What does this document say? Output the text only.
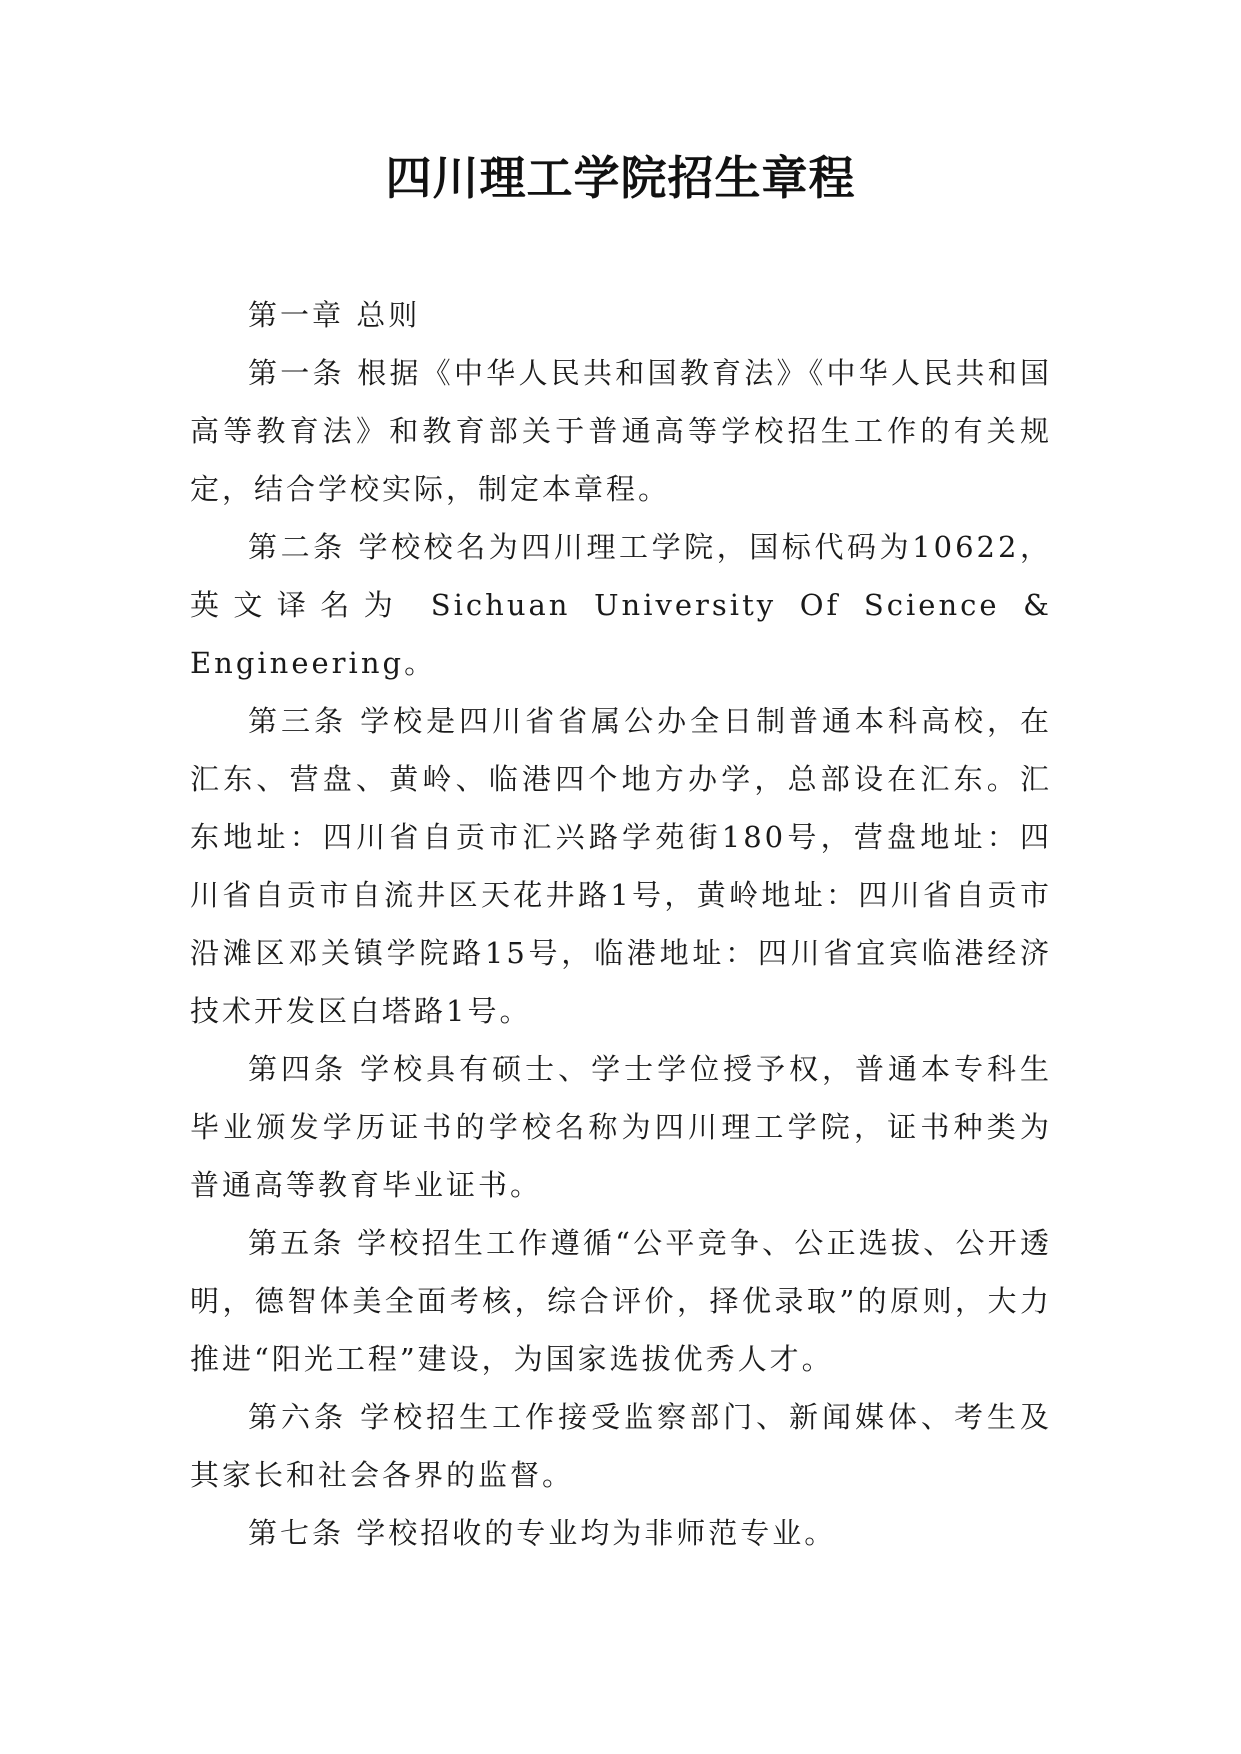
四川理工学院招生章程

第一章 总则

第一条 根据《中华人民共和国教育法》《中华人民共和国高等教育法》和教育部关于普通高等学校招生工作的有关规定，结合学校实际，制定本章程。

第二条 学校校名为四川理工学院，国标代码为10622，英文译名为 Sichuan University Of Science & Engineering。

第三条 学校是四川省省属公办全日制普通本科高校，在汇东、营盘、黄岭、临港四个地方办学，总部设在汇东。汇东地址：四川省自贡市汇兴路学苑街180号，营盘地址：四川省自贡市自流井区天花井路1号，黄岭地址：四川省自贡市沿滩区邓关镇学院路15号，临港地址：四川省宜宾临港经济技术开发区白塔路1号。

第四条 学校具有硕士、学士学位授予权，普通本专科生毕业颁发学历证书的学校名称为四川理工学院，证书种类为普通高等教育毕业证书。

第五条 学校招生工作遵循“公平竞争、公正选拔、公开透明，德智体美全面考核，综合评价，择优录取”的原则，大力推进“阳光工程”建设，为国家选拔优秀人才。

第六条 学校招生工作接受监察部门、新闻媒体、考生及其家长和社会各界的监督。

第七条 学校招收的专业均为非师范专业。
